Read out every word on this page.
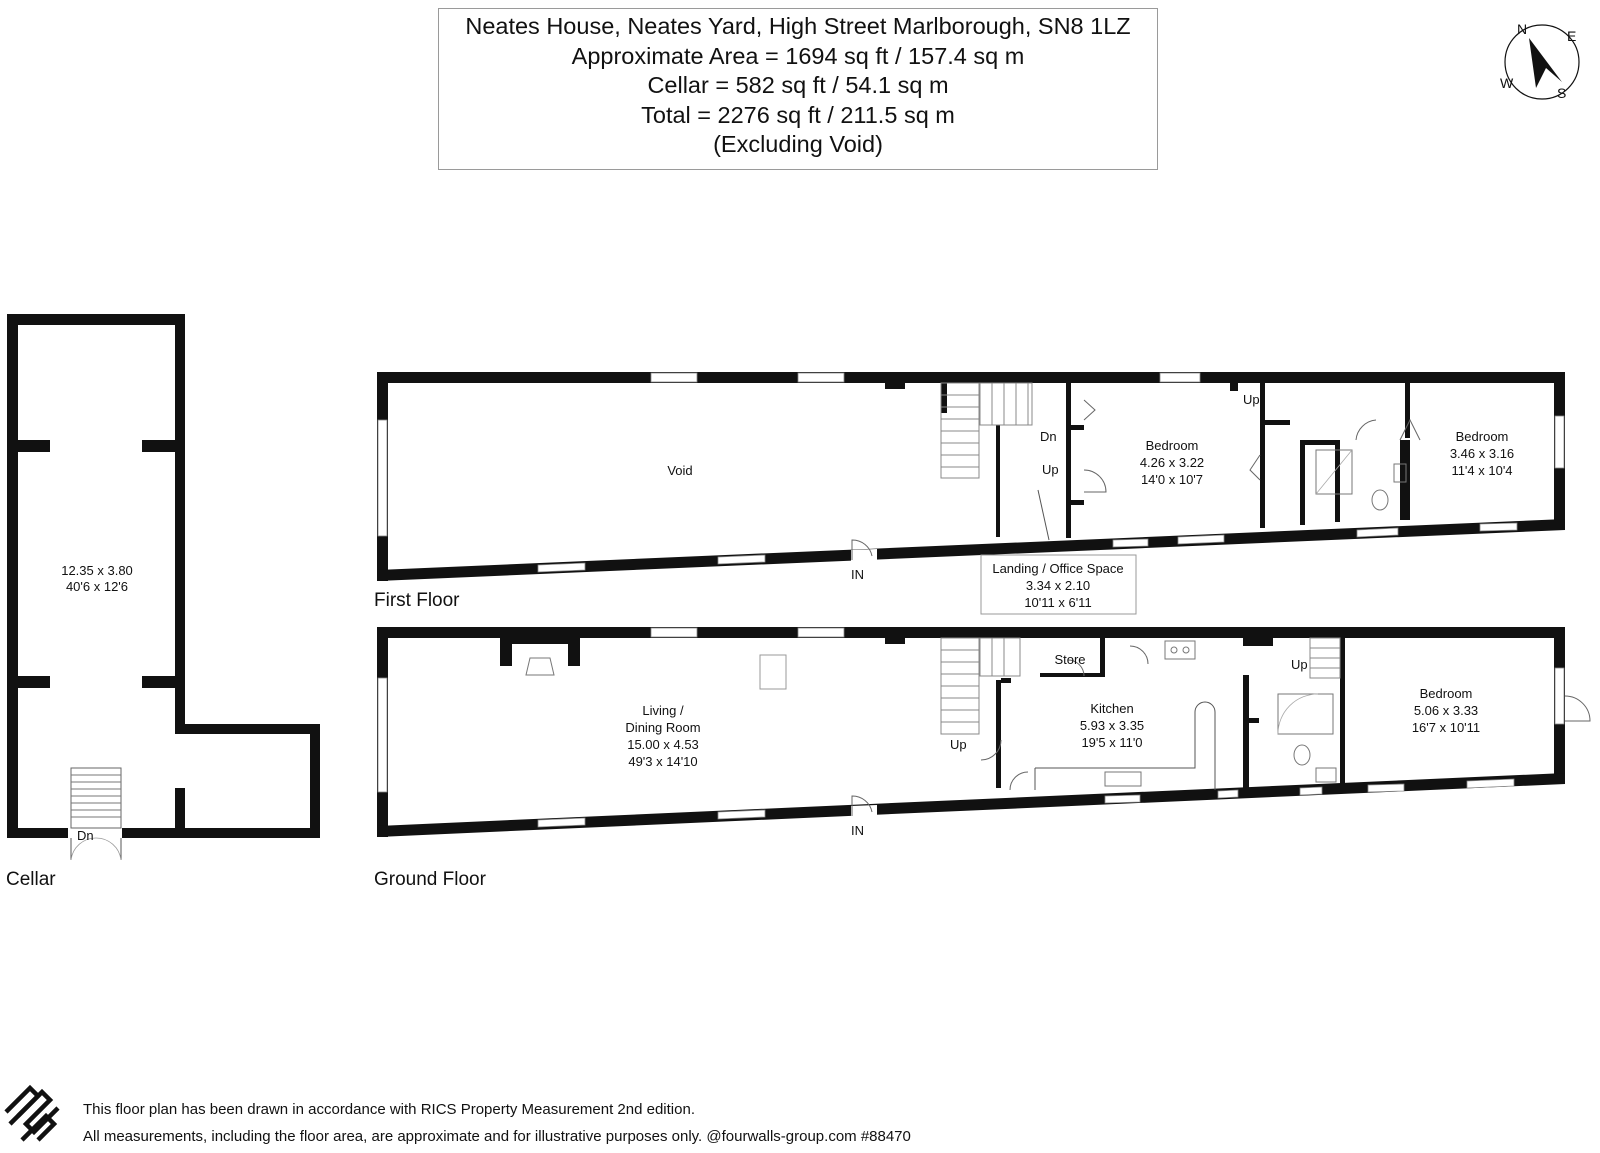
Neates House, Neates Yard, High Street Marlborough, SN8 1LZ
Approximate Area = 1694 sq ft / 157.4 sq m
Cellar = 582 sq ft / 54.1 sq m
Total = 2276 sq ft / 211.5 sq m
(Excluding Void)
N	E
S
W
Dn
12.35 x 3.80
40'6 x 12'6
Cellar
IN
Void
Dn
Up
Up
Bedroom
4.26 x 3.22
14'0 x 10'7
Bedroom
3.46 x 3.16
11'4 x 10'4
Landing / Office Space
3.34 x 2.10
10'11 x 6'11
First Floor
IN
Living /
Dining Room
15.00 x 4.53
49'3 x 14'10
Store
Kitchen
5.93 x 3.35
19'5 x 11'0
Up
Up
Bedroom
5.06 x 3.33
16'7 x 10'11
Ground Floor
This floor plan has been drawn in accordance with RICS Property Measurement 2nd edition.
All measurements, including the floor area, are approximate and for illustrative purposes only. @fourwalls-group.com #88470
